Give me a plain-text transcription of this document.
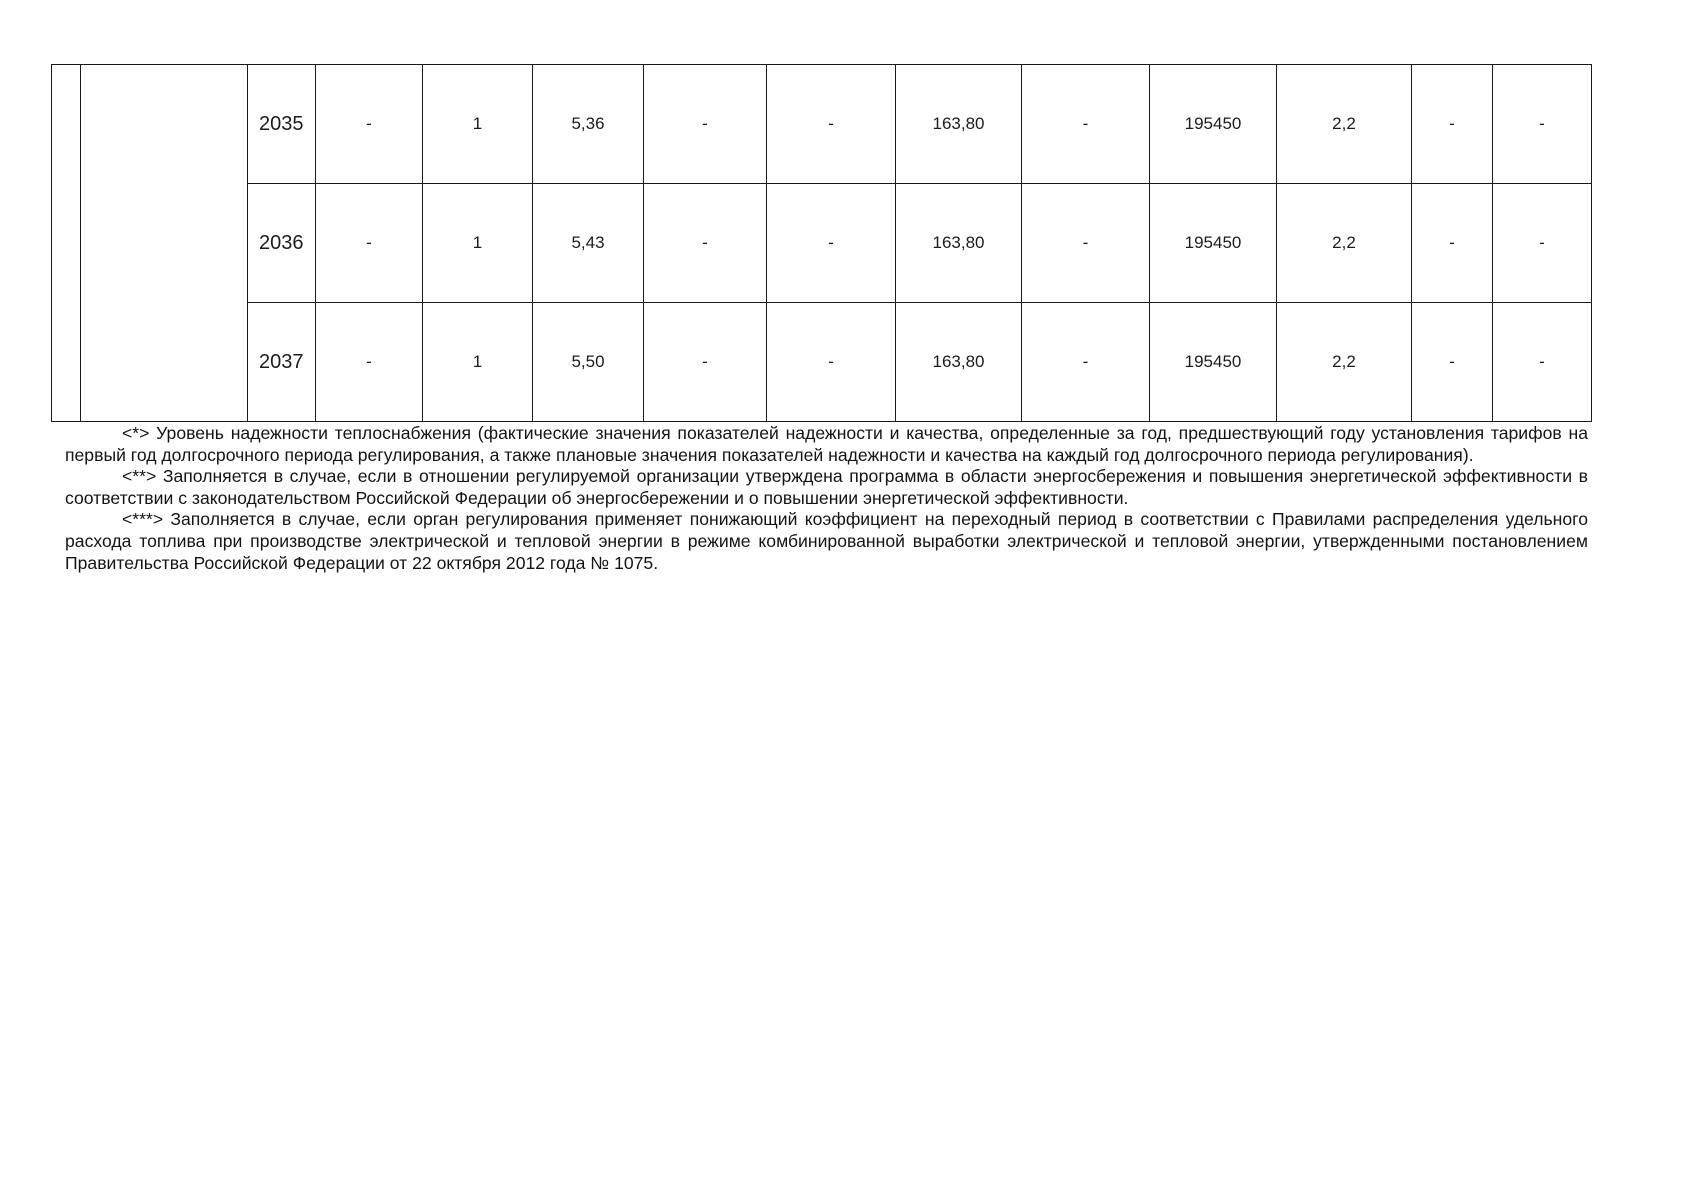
		2035	-	1	5,36	-	-	163,80	-	195450	2,2	-	-
		2036	-	1	5,43	-	-	163,80	-	195450	2,2	-	-
		2037	-	1	5,50	-	-	163,80	-	195450	2,2	-	-

<*> Уровень надежности теплоснабжения (фактические значения показателей надежности и качества, определенные за год, предшествующий году установления тарифов на первый год долгосрочного периода регулирования, а также плановые значения показателей надежности и качества на каждый год долгосрочного периода регулирования).

<**> Заполняется в случае, если в отношении регулируемой организации утверждена программа в области энергосбережения и повышения энергетической эффективности в соответствии с законодательством Российской Федерации об энергосбережении и о повышении энергетической эффективности.

<***> Заполняется в случае, если орган регулирования применяет понижающий коэффициент на переходный период в соответствии с Правилами распределения удельного расхода топлива при производстве электрической и тепловой энергии в режиме комбинированной выработки электрической и тепловой энергии, утвержденными постановлением Правительства Российской Федерации от 22 октября 2012 года № 1075.
